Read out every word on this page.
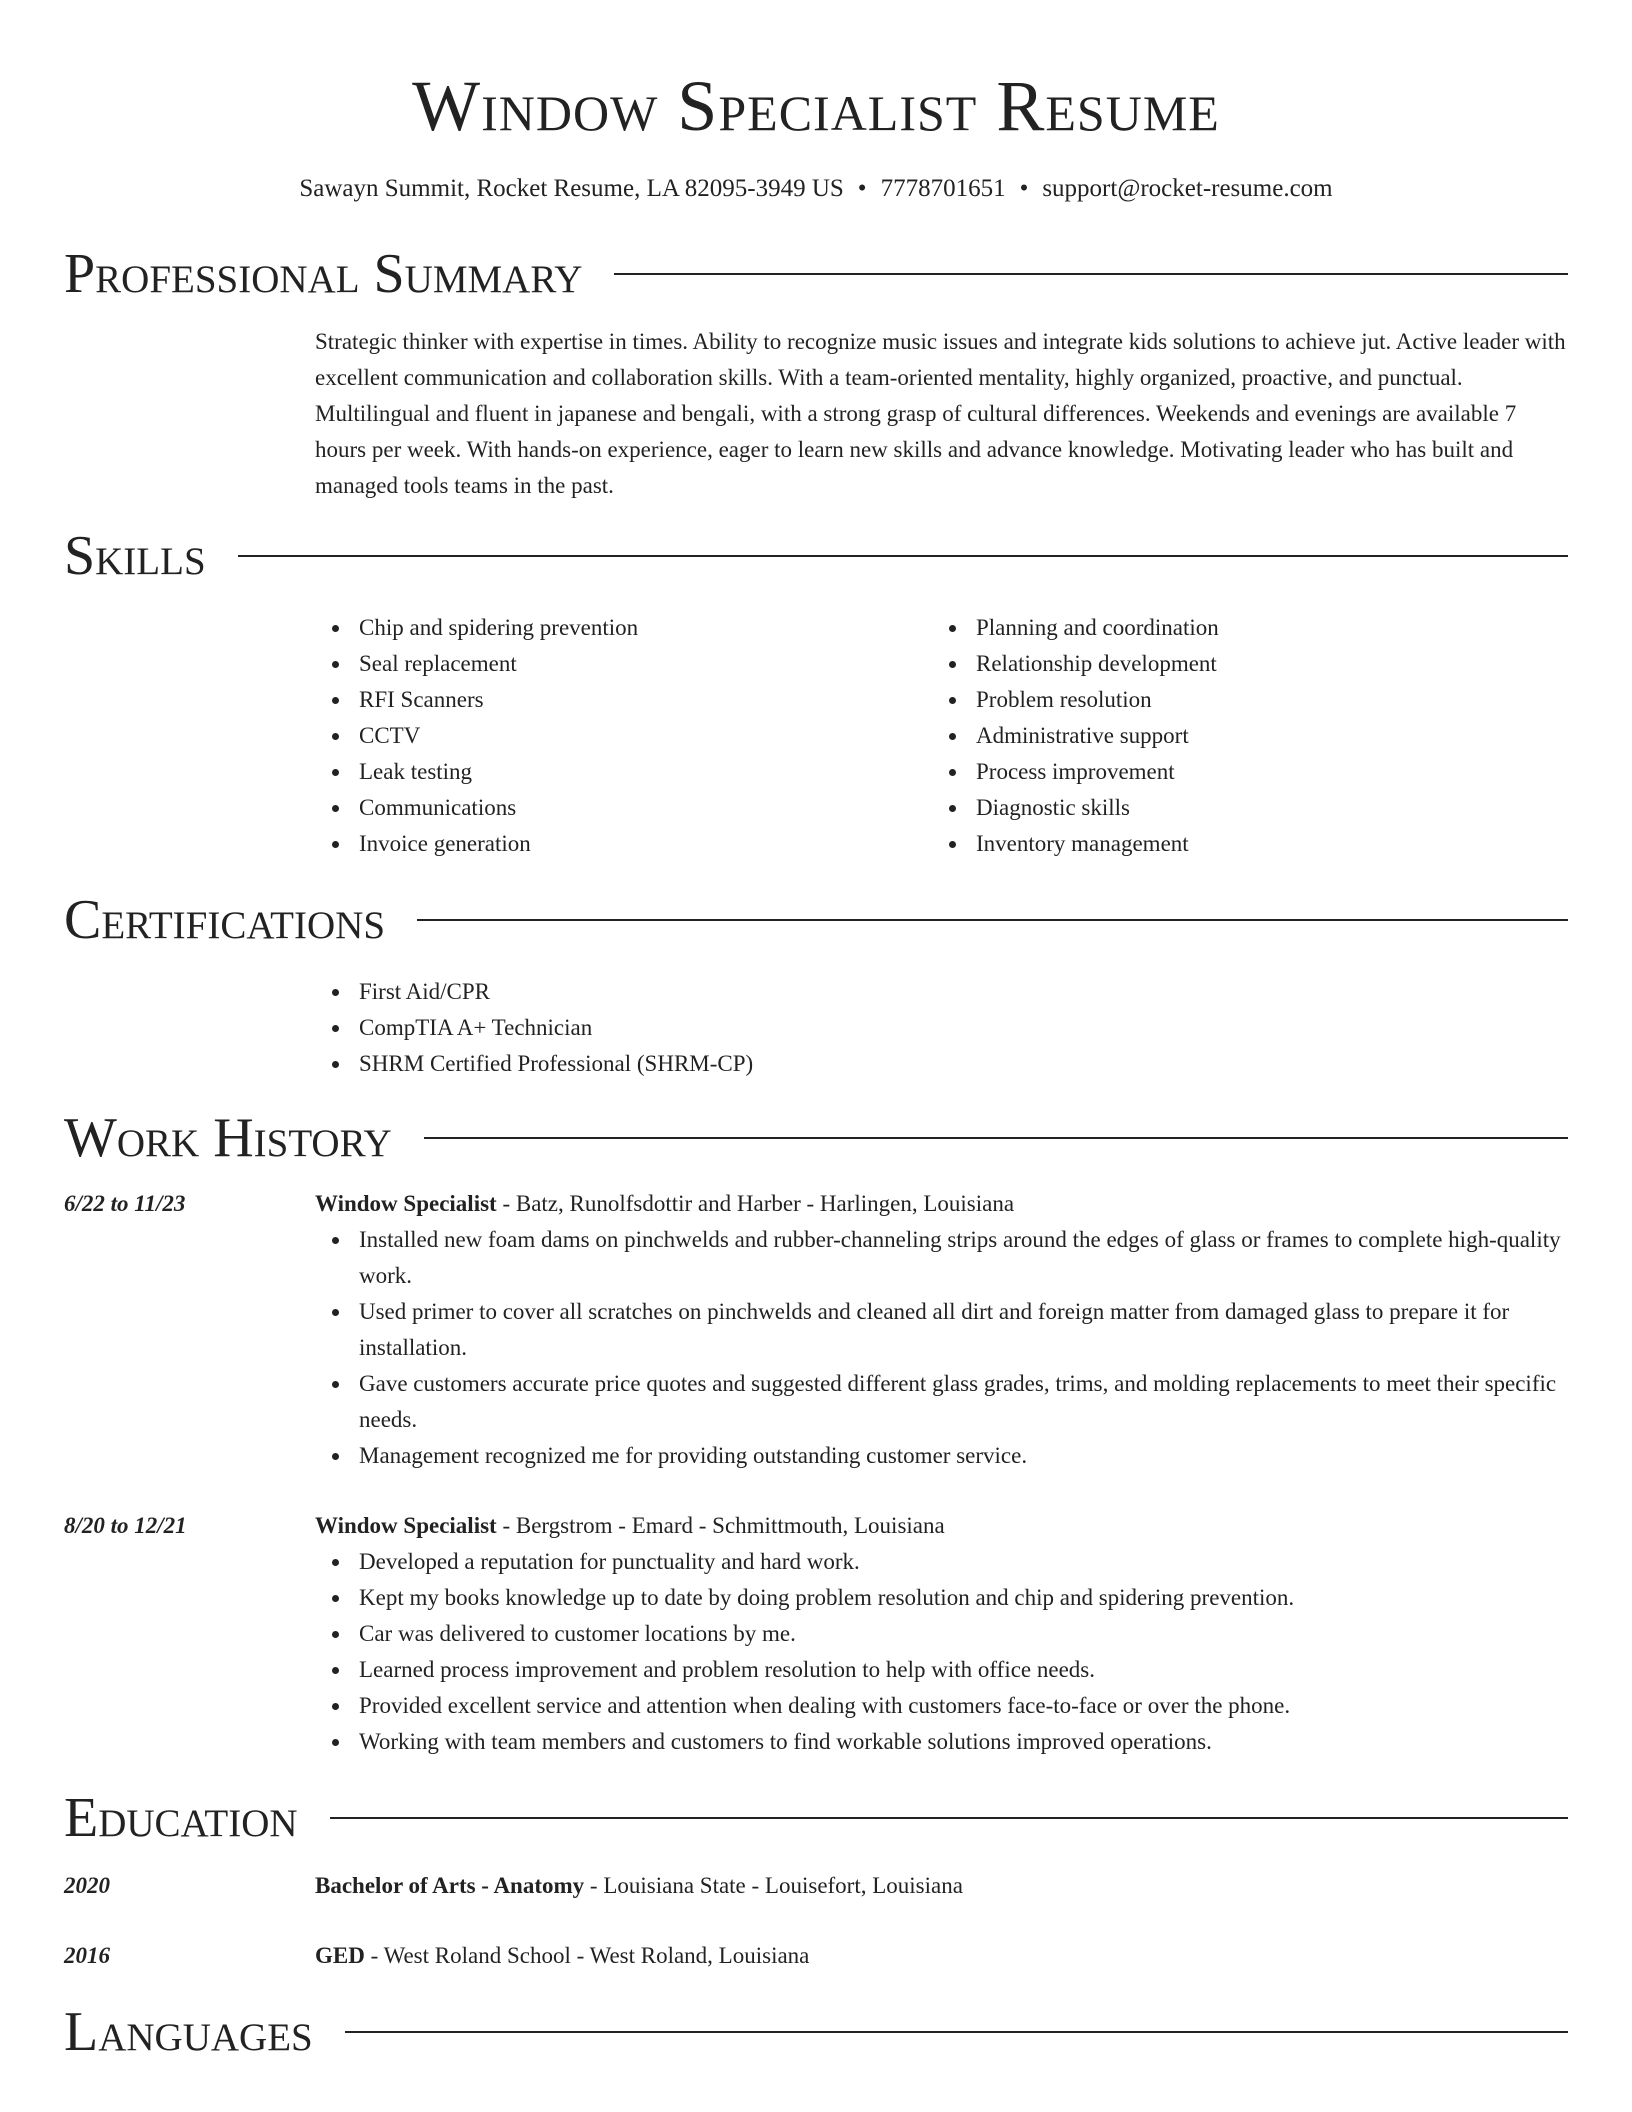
Window Specialist Resume
Sawayn Summit, Rocket Resume, LA 82095-3949 US • 7778701651 • support@rocket-resume.com
Professional Summary

Strategic thinker with expertise in times. Ability to recognize music issues and integrate kids solutions to achieve jut. Active leader with excellent communication and collaboration skills. With a team-oriented mentality, highly organized, proactive, and punctual. Multilingual and fluent in japanese and bengali, with a strong grasp of cultural differences. Weekends and evenings are available 7 hours per week. With hands-on experience, eager to learn new skills and advance knowledge. Motivating leader who has built and managed tools teams in the past.

Skills
Chip and spidering prevention
Seal replacement
RFI Scanners
CCTV
Leak testing
Communications
Invoice generation
Planning and coordination
Relationship development
Problem resolution
Administrative support
Process improvement
Diagnostic skills
Inventory management
Certifications
First Aid/CPR
CompTIA A+ Technician
SHRM Certified Professional (SHRM-CP)
Work History
6/22 to 11/23	Window Specialist - Batz, Runolfsdottir and Harber - Harlingen, Louisiana
Installed new foam dams on pinchwelds and rubber-channeling strips around the edges of glass or frames to complete high-quality work.
Used primer to cover all scratches on pinchwelds and cleaned all dirt and foreign matter from damaged glass to prepare it for installation.
Gave customers accurate price quotes and suggested different glass grades, trims, and molding replacements to meet their specific needs.
Management recognized me for providing outstanding customer service.
8/20 to 12/21	Window Specialist - Bergstrom - Emard - Schmittmouth, Louisiana
Developed a reputation for punctuality and hard work.
Kept my books knowledge up to date by doing problem resolution and chip and spidering prevention.
Car was delivered to customer locations by me.
Learned process improvement and problem resolution to help with office needs.
Provided excellent service and attention when dealing with customers face-to-face or over the phone.
Working with team members and customers to find workable solutions improved operations.
Education
2020	Bachelor of Arts - Anatomy - Louisiana State - Louisefort, Louisiana
2016	GED - West Roland School - West Roland, Louisiana
Languages
